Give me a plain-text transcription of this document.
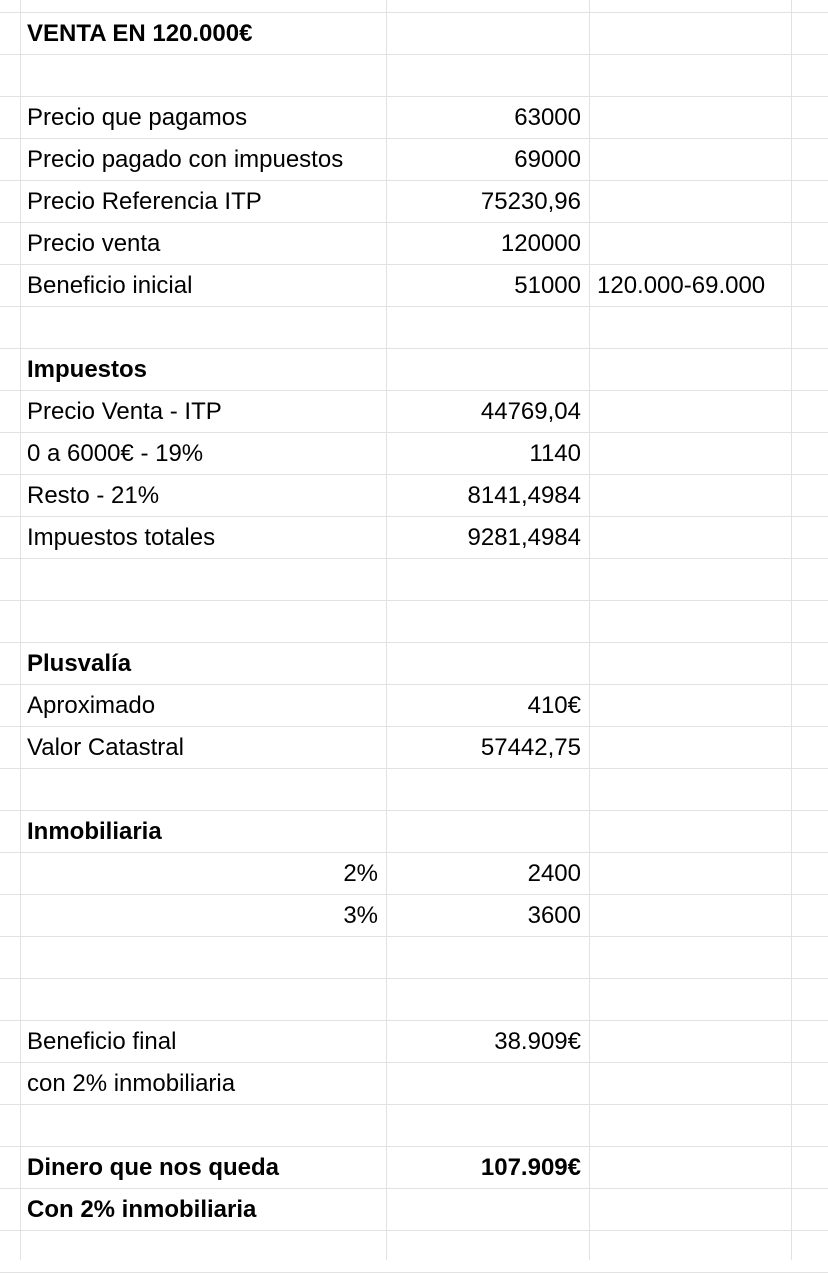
Con 2% inmobiliaria
Dinero que nos queda	107.909€
con 2% inmobiliaria
Beneficio final	38.909€
3%	3600
2%	2400
Inmobiliaria
Valor Catastral	57442,75
Aproximado	410€
Plusvalía
Impuestos totales	9281,4984
Resto - 21%	8141,4984
0 a 6000€ - 19%	1140
Precio Venta - ITP	44769,04
Impuestos
Beneficio inicial	51000 120.000-69.000
Precio venta	120000
Precio Referencia ITP	75230,96
Precio pagado con impuestos	69000
Precio que pagamos	63000
VENTA EN 120.000€
